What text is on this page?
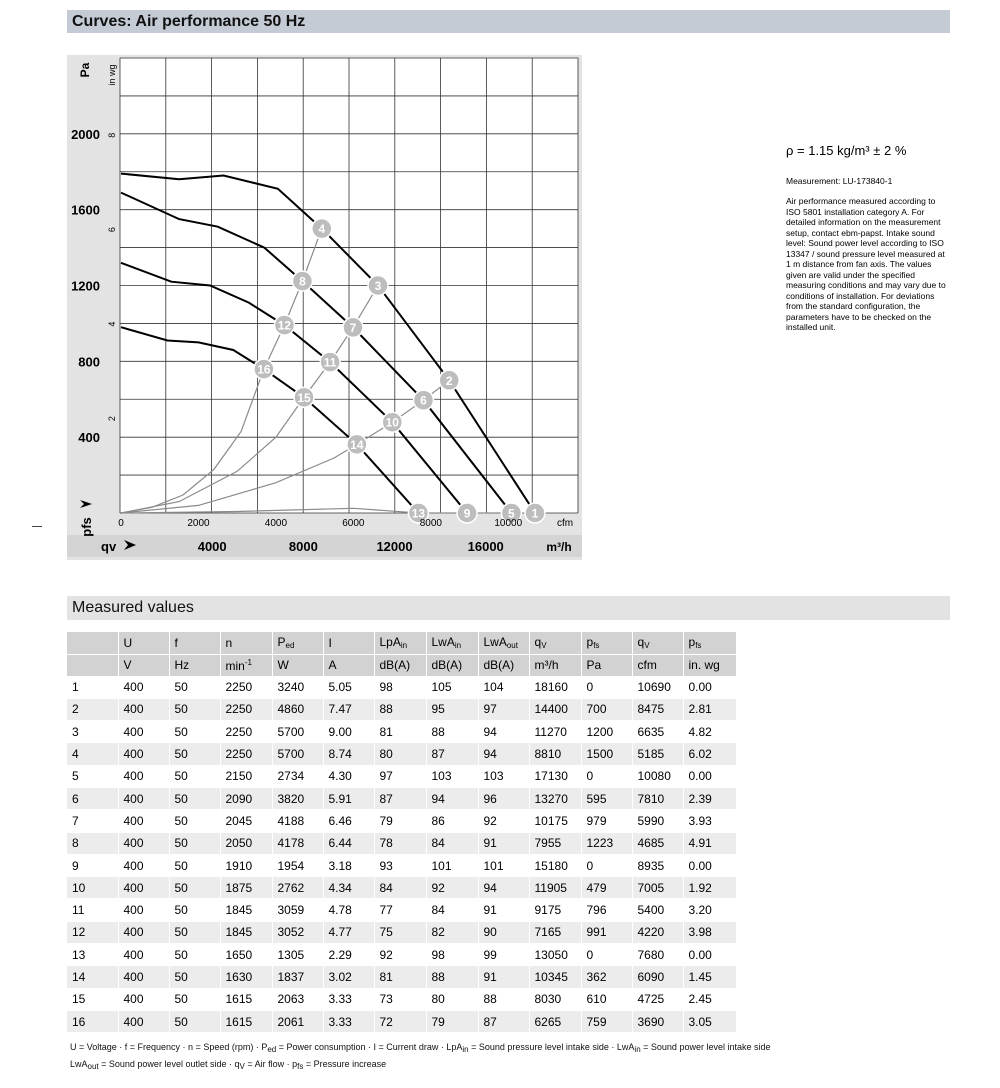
Curves: Air performance 50 Hz
1
2
3
4
5
6
7
8
9
10
11
12
13
14
15
16
400
800
1200
1600
2000
Pa
2
4
6
8
in wg
pfs 0	2000	4000	6000	8000	10000	cfm
qv	4000	8000	12000	16000	m³/h
ρ = 1.15 kg/m³ ± 2 %
Measurement: LU-173840-1
Air performance measured according to ISO 5801 installation category A. For detailed information on the measurement setup, contact ebm-papst. Intake sound level: Sound power level according to ISO 13347 / sound pressure level measured at 1 m distance from fan axis. The values given are valid under the specified measuring conditions and may vary due to conditions of installation. For deviations from the standard configuration, the parameters have to be checked on the installed unit.
Measured values
	U	f	n	$P_{ed}$	I	LpA$_{in}$	LwA$_{in}$	LwA$_{out}$	$q_V$	$p_{fs}$	$q_V$	$p_{fs}$
	V	Hz	$\min^{-1}$	W	A	dB(A)	dB(A)	dB(A)	m³/h	Pa	cfm	in. wg
1	400	50	2250	3240	5.05	98	105	104	18160	0	10690	0.00
2	400	50	2250	4860	7.47	88	95	97	14400	700	8475	2.81
3	400	50	2250	5700	9.00	81	88	94	11270	1200	6635	4.82
4	400	50	2250	5700	8.74	80	87	94	8810	1500	5185	6.02
5	400	50	2150	2734	4.30	97	103	103	17130	0	10080	0.00
6	400	50	2090	3820	5.91	87	94	96	13270	595	7810	2.39
7	400	50	2045	4188	6.46	79	86	92	10175	979	5990	3.93
8	400	50	2050	4178	6.44	78	84	91	7955	1223	4685	4.91
9	400	50	1910	1954	3.18	93	101	101	15180	0	8935	0.00
10	400	50	1875	2762	4.34	84	92	94	11905	479	7005	1.92
11	400	50	1845	3059	4.78	77	84	91	9175	796	5400	3.20
12	400	50	1845	3052	4.77	75	82	90	7165	991	4220	3.98
13	400	50	1650	1305	2.29	92	98	99	13050	0	7680	0.00
14	400	50	1630	1837	3.02	81	88	91	10345	362	6090	1.45
15	400	50	1615	2063	3.33	73	80	88	8030	610	4725	2.45
16	400	50	1615	2061	3.33	72	79	87	6265	759	3690	3.05
U = Voltage · f = Frequency · n = Speed $(rpm) \cdot P_{ed}$ = Power consumption · I = Current draw · LpA$_{in}$ = Sound pressure level intake side · LwA$_{in}$ = Sound power level intake side
LwA$_{out}$ = Sound power level outlet side · $q_V$ = Air flow · $p_{fs}$ = Pressure increase
